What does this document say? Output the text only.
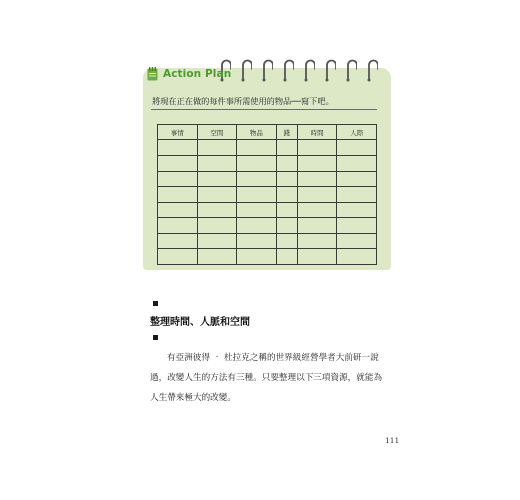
Action Plan
將現在正在做的每件事所需使用的物品──寫下吧。
事情	空間	物品	錢	時間	人際

整理時間、人脈和空間

有亞洲彼得 ‧ 杜拉克之稱的世界級經營學者大前研一說

過，改變人生的方法有三種。只要整理以下三項資源，就能為

人生帶來極大的改變。

111
